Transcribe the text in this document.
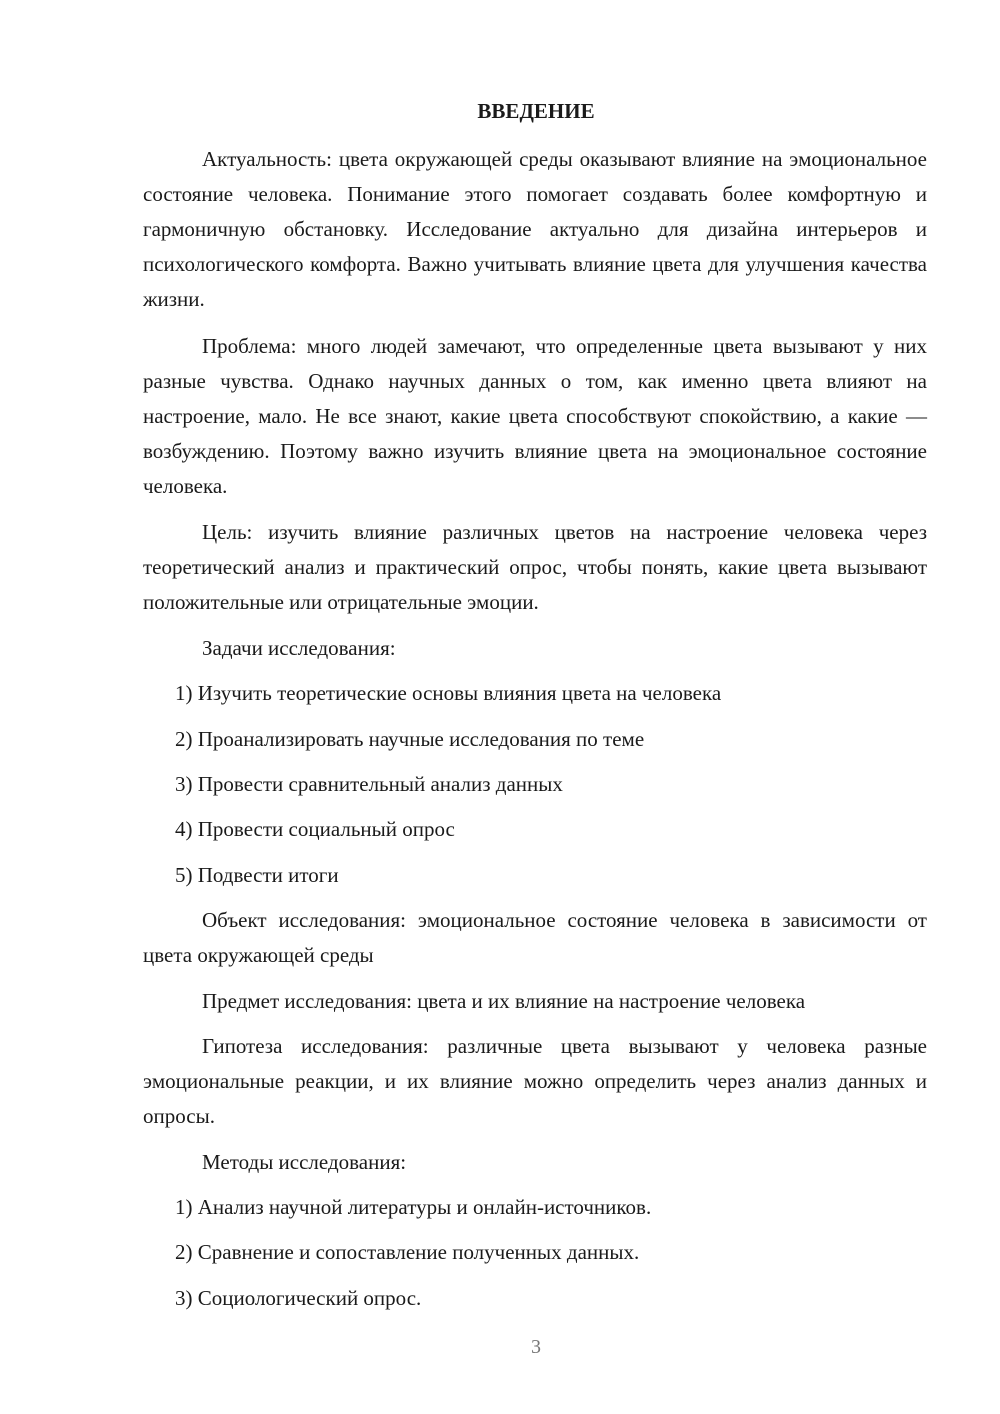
ВВЕДЕНИЕ

Актуальность: цвета окружающей среды оказывают влияние на эмоциональное состояние человека. Понимание этого помогает создавать более комфортную и гармоничную обстановку. Исследование актуально для дизайна интерьеров и психологического комфорта. Важно учитывать влияние цвета для улучшения качества жизни.

Проблема: много людей замечают, что определенные цвета вызывают у них разные чувства. Однако научных данных о том, как именно цвета влияют на настроение, мало. Не все знают, какие цвета способствуют спокойствию, а какие — возбуждению. Поэтому важно изучить влияние цвета на эмоциональное состояние человека.

Цель: изучить влияние различных цветов на настроение человека через теоретический анализ и практический опрос, чтобы понять, какие цвета вызывают положительные или отрицательные эмоции.

Задачи исследования:

1) Изучить теоретические основы влияния цвета на человека

2) Проанализировать научные исследования по теме

3) Провести сравнительный анализ данных

4) Провести социальный опрос

5) Подвести итоги

Объект исследования: эмоциональное состояние человека в зависимости от цвета окружающей среды

Предмет исследования: цвета и их влияние на настроение человека

Гипотеза исследования: различные цвета вызывают у человека разные эмоциональные реакции, и их влияние можно определить через анализ данных и опросы.

Методы исследования:

1) Анализ научной литературы и онлайн-источников.

2) Сравнение и сопоставление полученных данных.

3) Социологический опрос.

3
